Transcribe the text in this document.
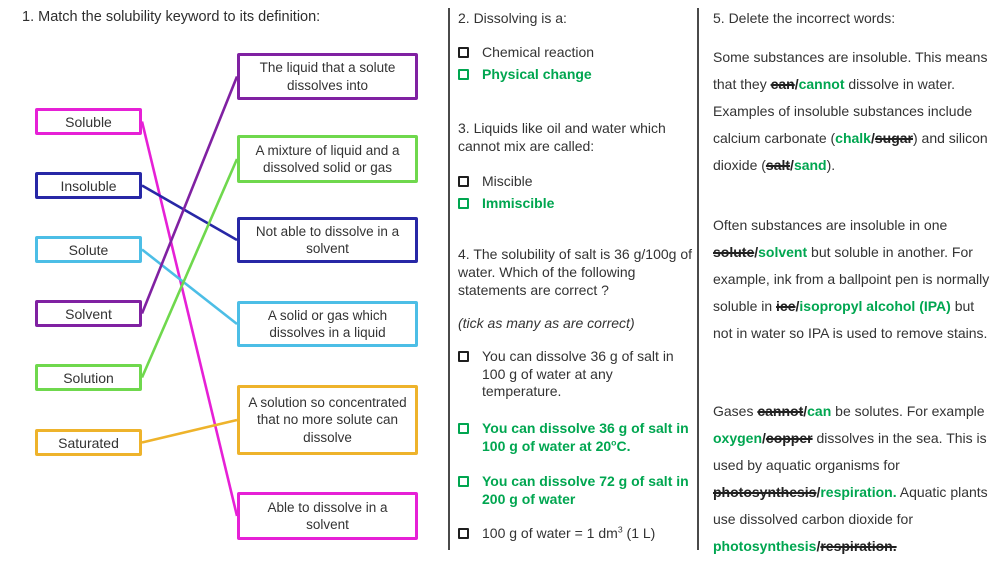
1. Match the solubility keyword to its definition:
Soluble
Insoluble
Solute
Solvent
Solution
Saturated
The liquid that a solute dissolves into
A mixture of liquid and a dissolved solid or gas
Not able to dissolve in a solvent
A solid or gas which dissolves in a liquid
A solution so concentrated that no more solute can dissolve
Able to dissolve in a solvent
2. Dissolving is a:
Chemical reaction
Physical change
3. Liquids like oil and water which cannot mix are called:
Miscible
Immiscible
4. The solubility of salt is 36 g/100g of water. Which of the following statements are correct ?
(tick as many as are correct)
You can dissolve 36 g of salt in 100 g of water at any temperature.
You can dissolve 36 g of salt in 100 g of water at 20$^o$C.
You can dissolve 72 g of salt in 200 g of water
100 g of water = 1 $dm^3$ (1 L)
5. Delete the incorrect words:
Some substances are insoluble. This means that they can/cannot dissolve in water. Examples of insoluble substances include calcium carbonate (chalk/sugar) and silicon dioxide (salt/sand).
Often substances are insoluble in one solute/solvent but soluble in another. For example, ink from a ballpoint pen is normally soluble in ice/isopropyl alcohol (IPA) but not in water so IPA is used to remove stains.
Gases cannot/can be solutes. For example oxygen/copper dissolves in the sea. This is used by aquatic organisms for photosynthesis/respiration. Aquatic plants use dissolved carbon dioxide for photosynthesis/respiration.
